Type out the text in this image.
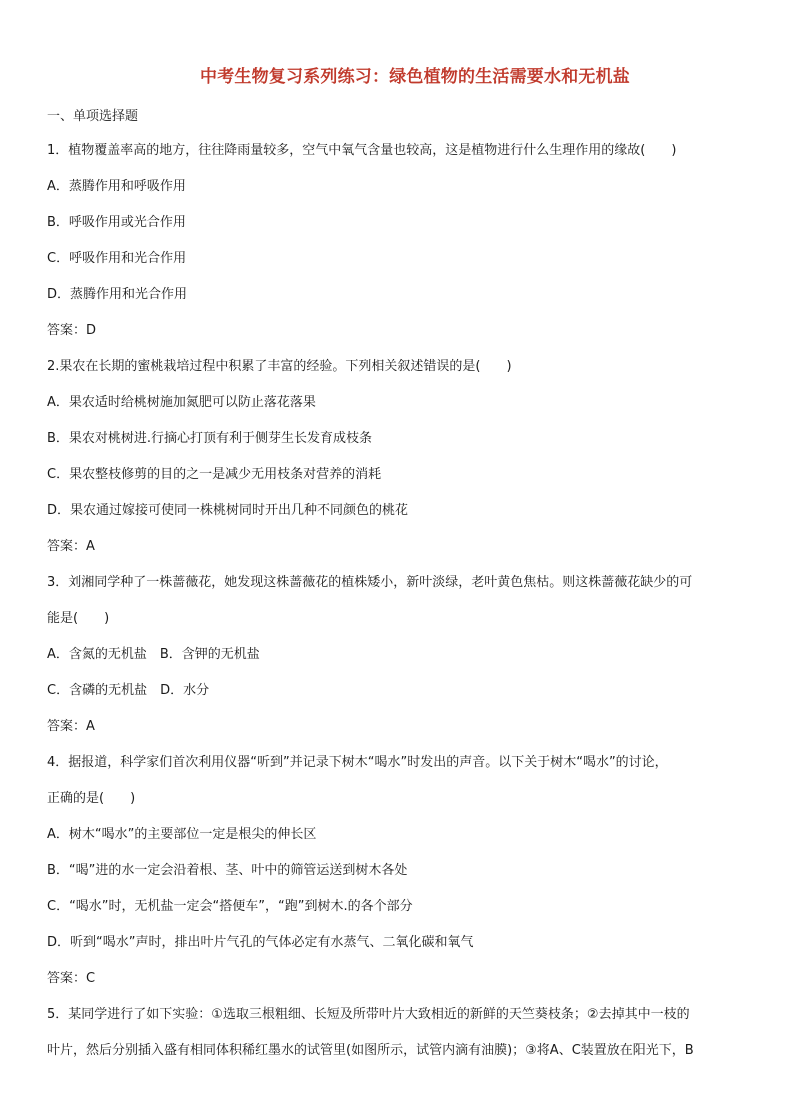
中考生物复习系列练习：绿色植物的生活需要水和无机盐
一、单项选择题
1．植物覆盖率高的地方，往往降雨量较多，空气中氧气含量也较高，这是植物进行什么生理作用的缘故(　　)
A．蒸腾作用和呼吸作用
B．呼吸作用或光合作用
C．呼吸作用和光合作用
D．蒸腾作用和光合作用
答案：D
2.果农在长期的蜜桃栽培过程中积累了丰富的经验。下列相关叙述错误的是(　　)
A．果农适时给桃树施加氮肥可以防止落花落果
B．果农对桃树进.行摘心打顶有利于侧芽生长发育成枝条
C．果农整枝修剪的目的之一是减少无用枝条对营养的消耗
D．果农通过嫁接可使同一株桃树同时开出几种不同颜色的桃花
答案：A
3．刘湘同学种了一株蔷薇花，她发现这株蔷薇花的植株矮小，新叶淡绿，老叶黄色焦枯。则这株蔷薇花缺少的可
能是(　　)
A．含氮的无机盐　B．含钾的无机盐
C．含磷的无机盐　D．水分
答案：A
4．据报道，科学家们首次利用仪器“听到”并记录下树木“喝水”时发出的声音。以下关于树木“喝水”的讨论，
正确的是(　　)
A．树木“喝水”的主要部位一定是根尖的伸长区
B．“喝”进的水一定会沿着根、茎、叶中的筛管运送到树木各处
C．“喝水”时，无机盐一定会“搭便车”，“跑”到树木.的各个部分
D．听到“喝水”声时，排出叶片气孔的气体必定有水蒸气、二氧化碳和氧气
答案：C
5．某同学进行了如下实验：①选取三根粗细、长短及所带叶片大致相近的新鲜的天竺葵枝条；②去掉其中一枝的
叶片，然后分别插入盛有相同体积稀红墨水的试管里(如图所示，试管内滴有油膜)；③将A、C装置放在阳光下，B
